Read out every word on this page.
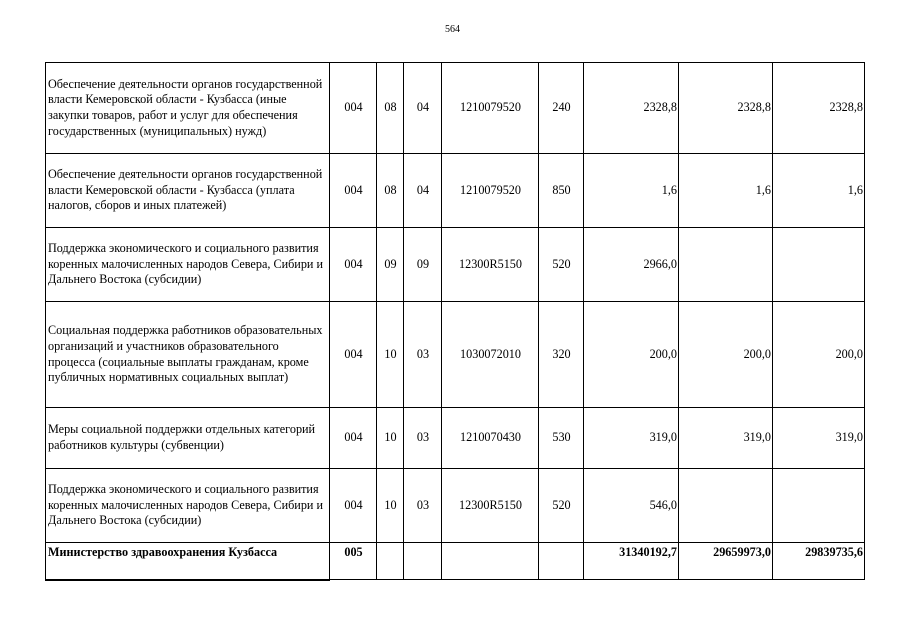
564
Обеспечение деятельности органов государственной власти Кемеровской области - Кузбасса (иные закупки товаров, работ и услуг для обеспечения государственных (муниципальных) нужд)	004	08	04	1210079520	240	2328,8	2328,8	2328,8
Обеспечение деятельности органов государственной власти Кемеровской области - Кузбасса (уплата налогов, сборов и иных платежей)	004	08	04	1210079520	850	1,6	1,6	1,6
Поддержка экономического и социального развития коренных малочисленных народов Севера, Сибири и Дальнего Востока (субсидии)	004	09	09	12300R5150	520	2966,0		
Социальная поддержка работников образовательных организаций и участников образовательного процесса (социальные выплаты гражданам, кроме публичных нормативных социальных выплат)	004	10	03	1030072010	320	200,0	200,0	200,0
Меры социальной поддержки отдельных категорий работников культуры (субвенции)	004	10	03	1210070430	530	319,0	319,0	319,0
Поддержка экономического и социального развития коренных малочисленных народов Севера, Сибири и Дальнего Востока (субсидии)	004	10	03	12300R5150	520	546,0		
Министерство здравоохранения Кузбасса	005					31340192,7	29659973,0	29839735,6
